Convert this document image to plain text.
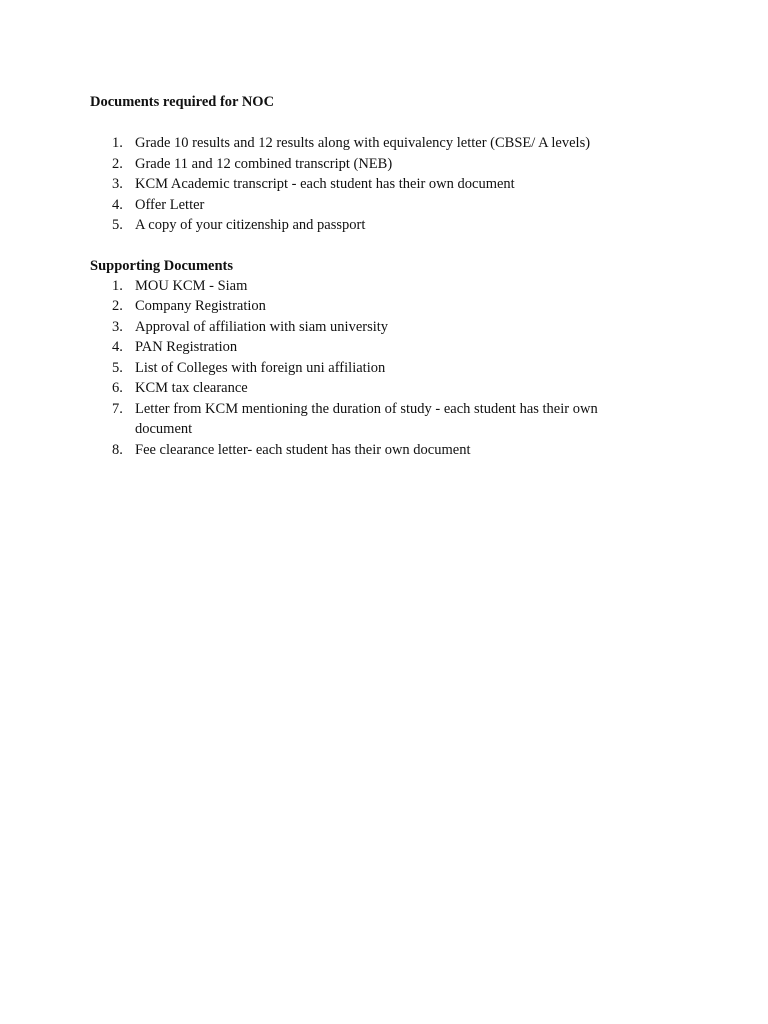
Documents required for NOC

1. Grade 10 results and 12 results along with equivalency letter (CBSE/ A levels)
2. Grade 11 and 12 combined transcript (NEB)
3. KCM Academic transcript - each student has their own document
4. Offer Letter
5. A copy of your citizenship and passport

Supporting Documents

1. MOU KCM - Siam
2. Company Registration
3. Approval of affiliation with siam university
4. PAN Registration
5. List of Colleges with foreign uni affiliation
6. KCM tax clearance
7. Letter from KCM mentioning the duration of study - each student has their own document
8. Fee clearance letter- each student has their own document
